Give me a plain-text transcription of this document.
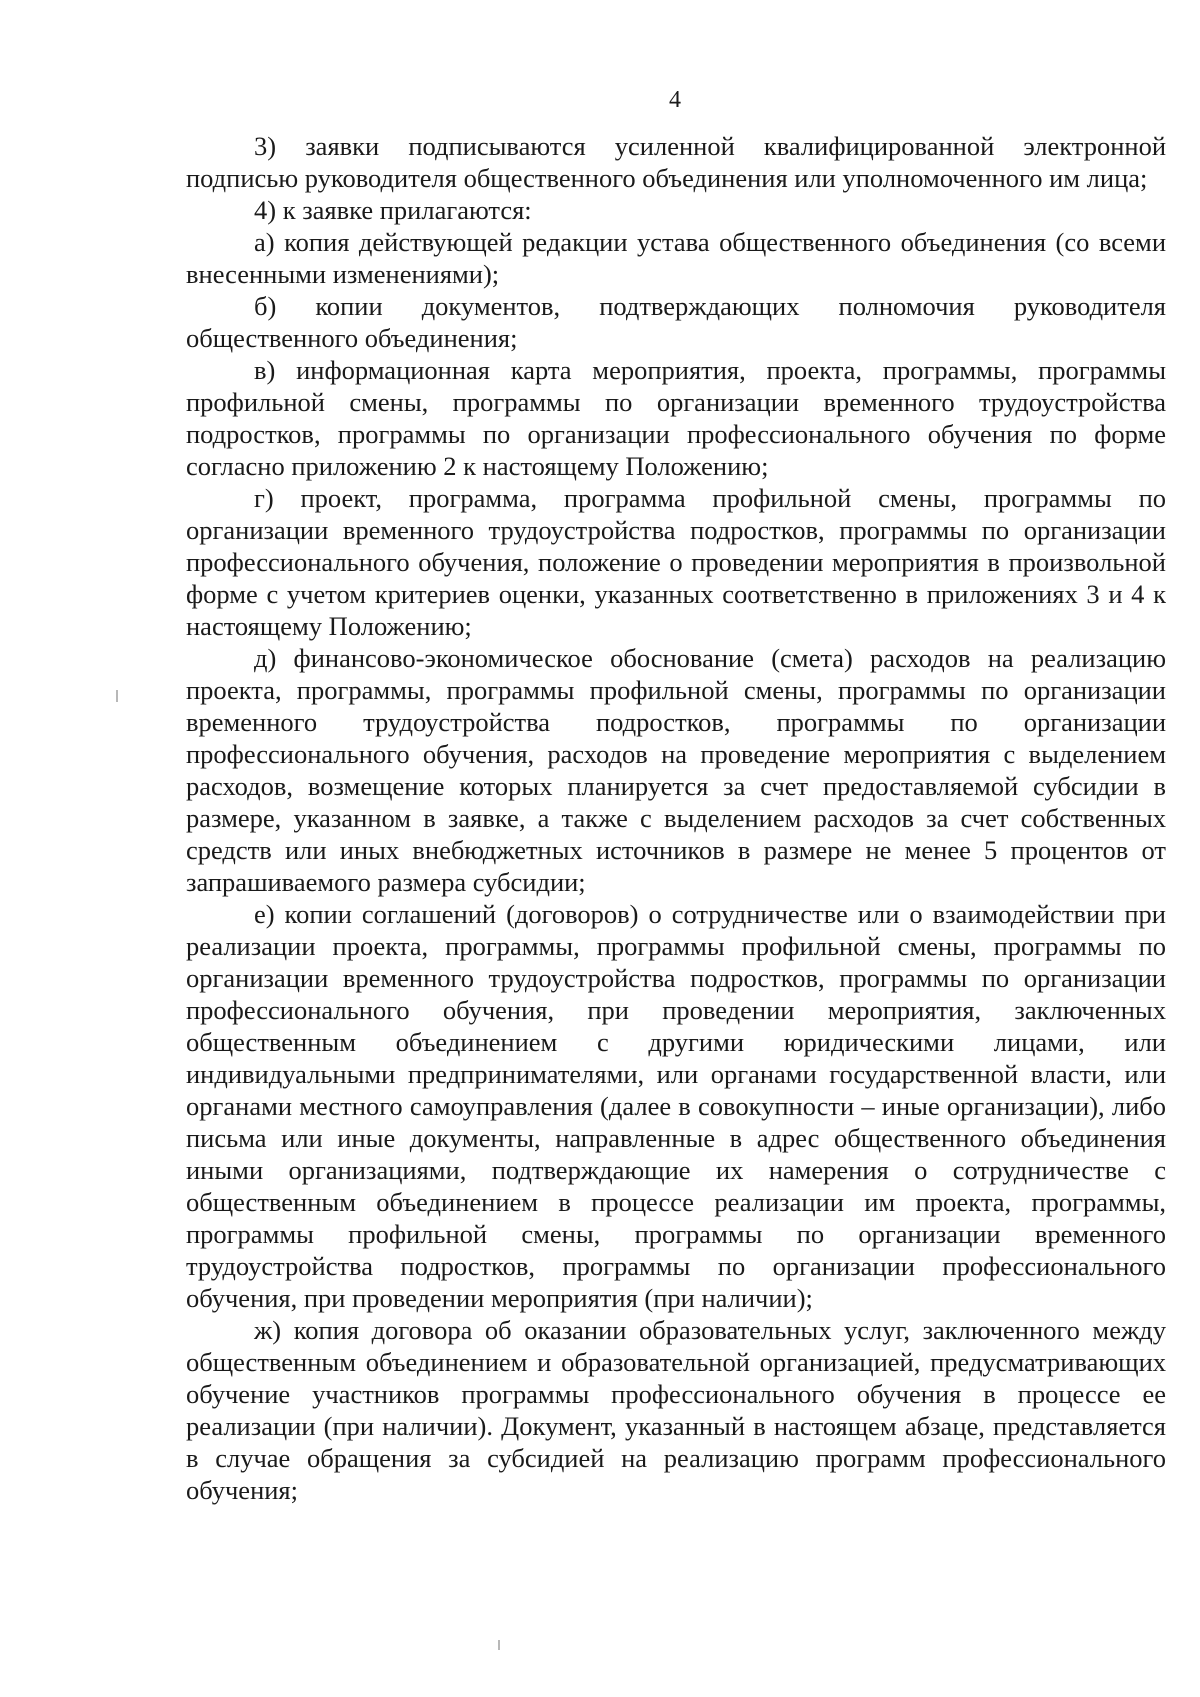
4

3) заявки подписываются усиленной квалифицированной электронной подписью руководителя общественного объединения или уполномоченного им лица;

4) к заявке прилагаются:

а) копия действующей редакции устава общественного объединения (со всеми внесенными изменениями);

б) копии документов, подтверждающих полномочия руководителя общественного объединения;

в) информационная карта мероприятия, проекта, программы, программы профильной смены, программы по организации временного трудоустройства подростков, программы по организации профессионального обучения по форме согласно приложению 2 к настоящему Положению;

г) проект, программа, программа профильной смены, программы по организации временного трудоустройства подростков, программы по организации профессионального обучения, положение о проведении мероприятия в произвольной форме с учетом критериев оценки, указанных соответственно в приложениях 3 и 4 к настоящему Положению;

д) финансово-экономическое обоснование (смета) расходов на реализацию проекта, программы, программы профильной смены, программы по организации временного трудоустройства подростков, программы по организации профессионального обучения, расходов на проведение мероприятия с выделением расходов, возмещение которых планируется за счет предоставляемой субсидии в размере, указанном в заявке, а также с выделением расходов за счет собственных средств или иных внебюджетных источников в размере не менее 5 процентов от запрашиваемого размера субсидии;

е) копии соглашений (договоров) о сотрудничестве или о взаимодействии при реализации проекта, программы, программы профильной смены, программы по организации временного трудоустройства подростков, программы по организации профессионального обучения, при проведении мероприятия, заключенных общественным объединением с другими юридическими лицами, или индивидуальными предпринимателями, или органами государственной власти, или органами местного самоуправления (далее в совокупности – иные организации), либо письма или иные документы, направленные в адрес общественного объединения иными организациями, подтверждающие их намерения о сотрудничестве с общественным объединением в процессе реализации им проекта, программы, программы профильной смены, программы по организации временного трудоустройства подростков, программы по организации профессионального обучения, при проведении мероприятия (при наличии);

ж) копия договора об оказании образовательных услуг, заключенного между общественным объединением и образовательной организацией, предусматривающих обучение участников программы профессионального обучения в процессе ее реализации (при наличии). Документ, указанный в настоящем абзаце, представляется в случае обращения за субсидией на реализацию программ профессионального обучения;
